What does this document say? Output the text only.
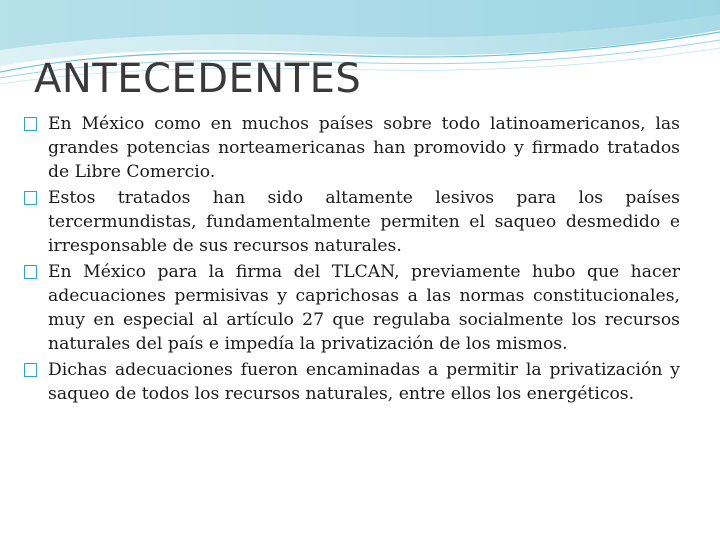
ANTECEDENTES

En México como en muchos países sobre todo latinoamericanos, las grandes potencias norteamericanas han promovido y firmado tratados de Libre Comercio.

Estos tratados han sido altamente lesivos para los países tercermundistas, fundamentalmente permiten el saqueo desmedido e irresponsable de sus recursos naturales.

En México para la firma del TLCAN, previamente hubo que hacer adecuaciones permisivas y caprichosas a las normas constitucionales, muy en especial al artículo 27 que regulaba socialmente los recursos naturales del país e impedía la privatización de los mismos.

Dichas adecuaciones fueron encaminadas a permitir la privatización y saqueo de todos los recursos naturales, entre ellos los energéticos.
